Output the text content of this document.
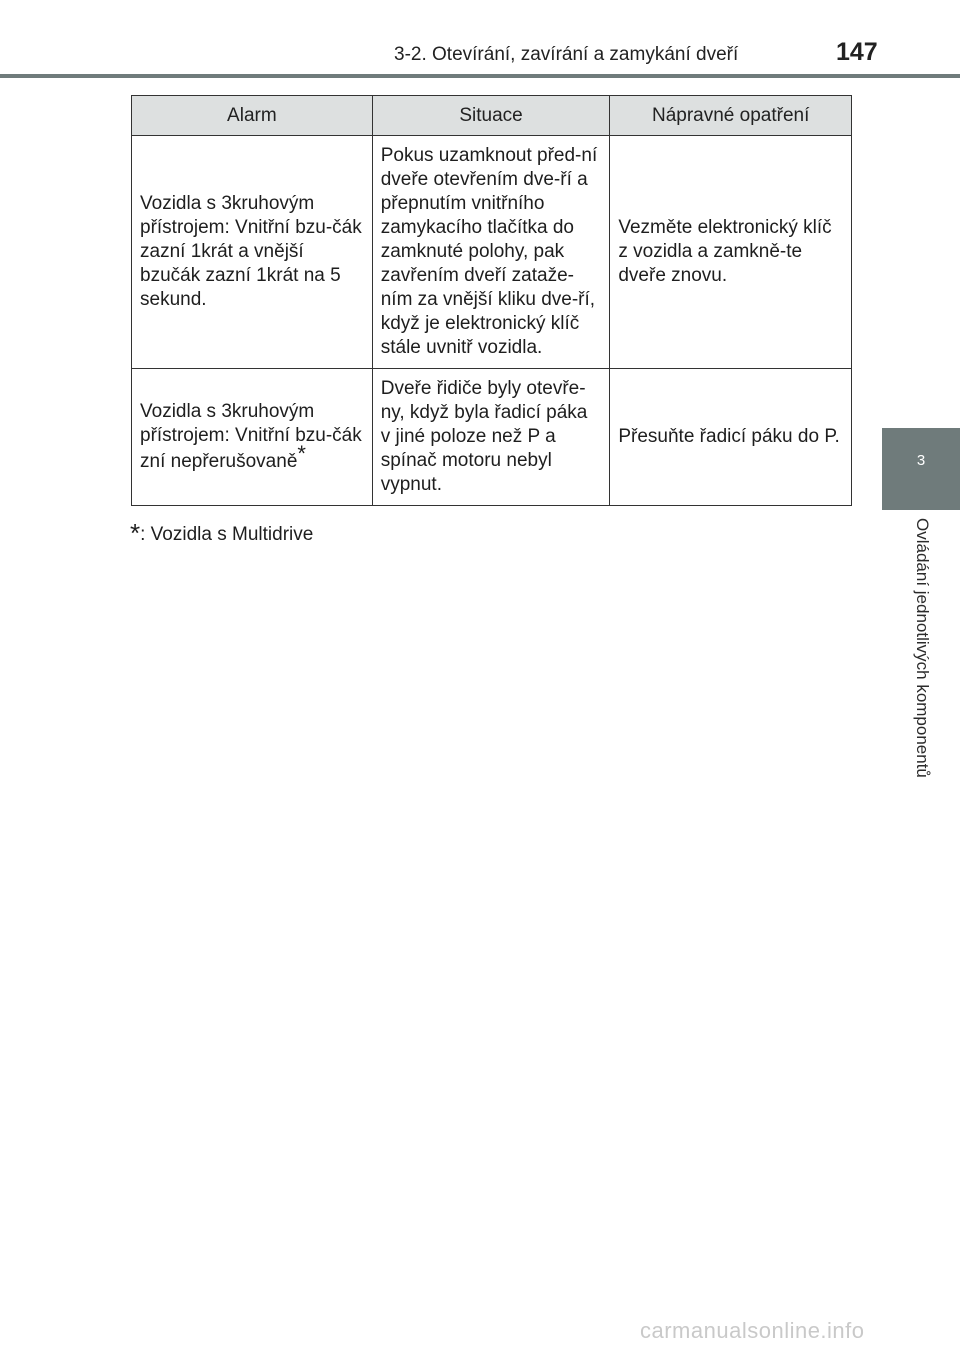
3-2. Otevírání, zavírání a zamykání dveří	147
3
Ovládání jednotlivých komponentů
Alarm	Situace	Nápravné opatření
Vozidla s 3kruhovým přístrojem: Vnitřní bzu-čák zazní 1krát a vnější bzučák zazní 1krát na 5 sekund.	Pokus uzamknout před-ní dveře otevřením dve-ří a přepnutím vnitřního zamykacího tlačítka do zamknuté polohy, pak zavřením dveří zataže-ním za vnější kliku dve-ří, když je elektronický klíč stále uvnitř vozidla.	Vezměte elektronický klíč z vozidla a zamkně-te dveře znovu.
Vozidla s 3kruhovým přístrojem: Vnitřní bzu-čák zní nepřerušovaně*	Dveře řidiče byly otevře-ny, když byla řadicí páka v jiné poloze než P a spínač motoru nebyl vypnut.	Přesuňte řadicí páku do P.
*: Vozidla s Multidrive
carmanualsonline.info
